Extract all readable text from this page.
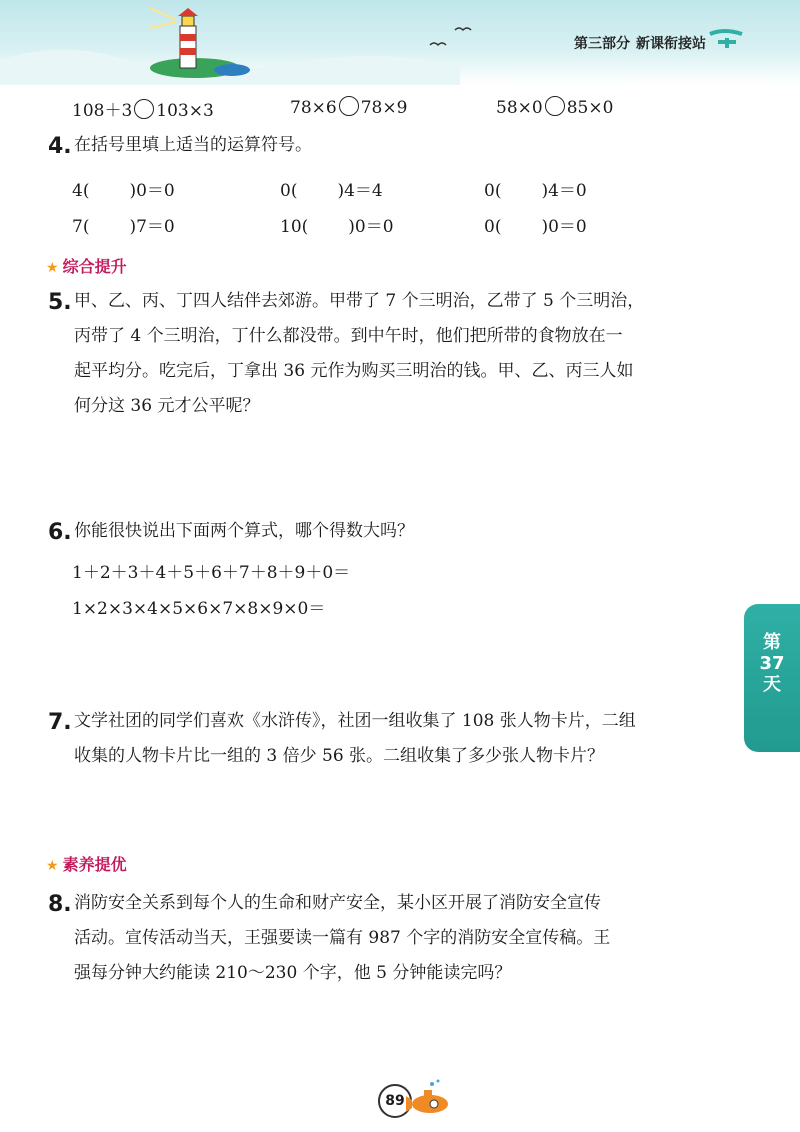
第三部分 新课衔接站
108＋3 103×3	78×6 78×9	58×0 85×0
4. 在括号里填上适当的运算符号。
4( )0＝0	0( )4＝4	0( )4＝0
7( )7＝0	10( )0＝0	0( )0＝0
★ 综合提升
5. 甲、乙、丙、丁四人结伴去郊游。甲带了 7 个三明治，乙带了 5 个三明治，
丙带了 4 个三明治，丁什么都没带。到中午时，他们把所带的食物放在一
起平均分。吃完后，丁拿出 36 元作为购买三明治的钱。甲、乙、丙三人如
何分这 36 元才公平呢？
6. 你能很快说出下面两个算式，哪个得数大吗？
1＋2＋3＋4＋5＋6＋7＋8＋9＋0＝
1×2×3×4×5×6×7×8×9×0＝
第
37
天
7. 文学社团的同学们喜欢《水浒传》，社团一组收集了 108 张人物卡片，二组
收集的人物卡片比一组的 3 倍少 56 张。二组收集了多少张人物卡片？
★ 素养提优
8. 消防安全关系到每个人的生命和财产安全，某小区开展了消防安全宣传
活动。宣传活动当天，王强要读一篇有 987 个字的消防安全宣传稿。王
强每分钟大约能读 210～230 个字，他 5 分钟能读完吗？
89
